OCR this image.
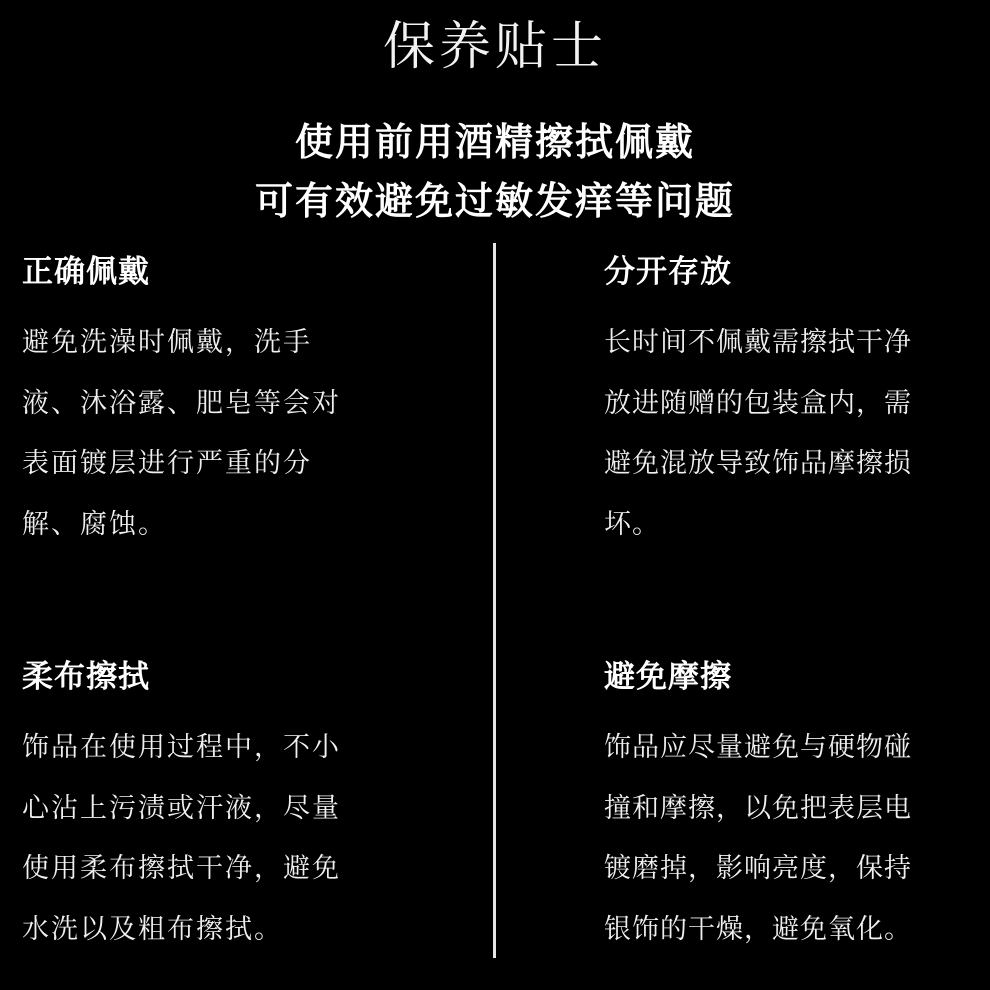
保养贴士
使用前用酒精擦拭佩戴
可有效避免过敏发痒等问题
正确佩戴
避免洗澡时佩戴，洗手
液、沐浴露、肥皂等会对
表面镀层进行严重的分
解、腐蚀。
分开存放
长时间不佩戴需擦拭干净
放进随赠的包装盒内，需
避免混放导致饰品摩擦损
坏。
柔布擦拭
饰品在使用过程中，不小
心沾上污渍或汗液，尽量
使用柔布擦拭干净，避免
水洗以及粗布擦拭。
避免摩擦
饰品应尽量避免与硬物碰
撞和摩擦，以免把表层电
镀磨掉，影响亮度，保持
银饰的干燥，避免氧化。
